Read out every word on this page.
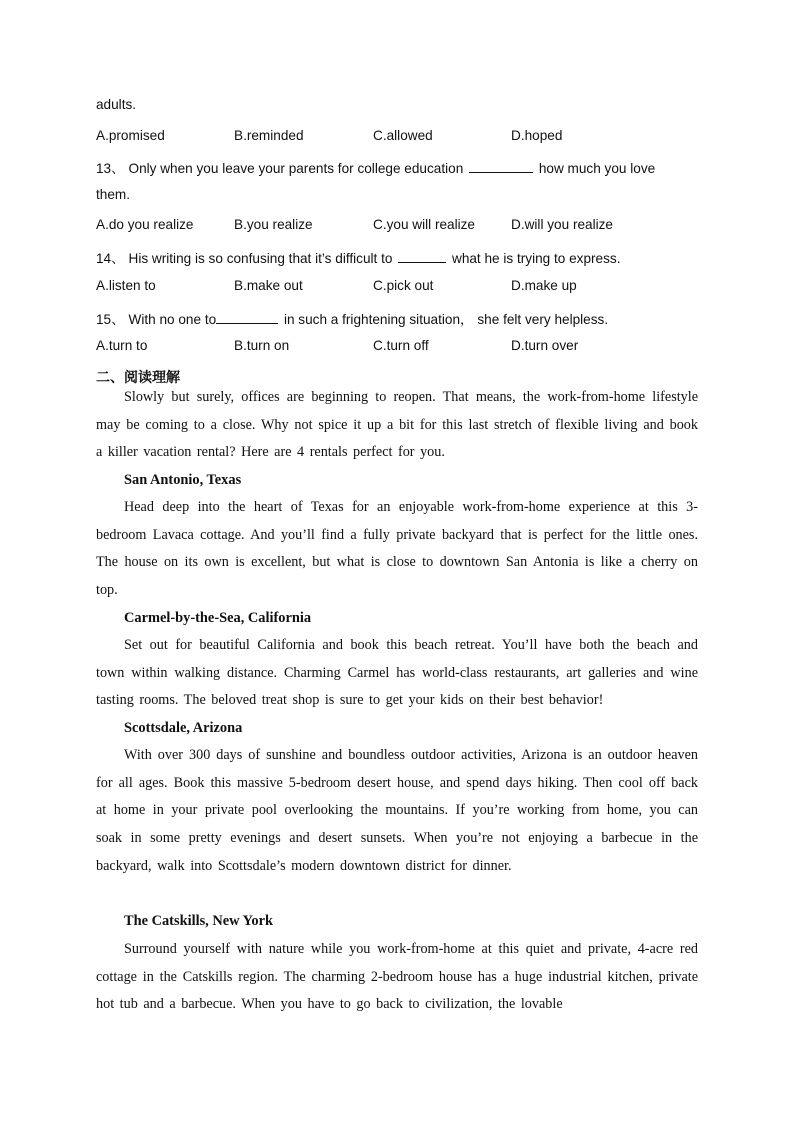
adults.
A.promised	B.reminded	C.allowed	D.hoped
13、 Only when you leave your parents for college education	how much you love
them.
A.do you realize	B.you realize	C.you will realize	D.will you realize
14、 His writing is so confusing that it’s difficult to	what he is trying to express.
A.listen to	B.make out	C.pick out	D.make up
15、 With no one to	in such a frightening situation， she felt very helpless.
A.turn to	B.turn on	C.turn off	D.turn over
二、阅读理解

Slowly but surely, offices are beginning to reopen. That means, the work-from-home lifestyle may be coming to a close. Why not spice it up a bit for this last stretch of flexible living and book a killer vacation rental? Here are 4 rentals perfect for you.

San Antonio, Texas

Head deep into the heart of Texas for an enjoyable work-from-home experience at this 3-bedroom Lavaca cottage. And you’ll find a fully private backyard that is perfect for the little ones. The house on its own is excellent, but what is close to downtown San Antonia is like a cherry on top.

Carmel-by-the-Sea, California

Set out for beautiful California and book this beach retreat. You’ll have both the beach and town within walking distance. Charming Carmel has world-class restaurants, art galleries and wine tasting rooms. The beloved treat shop is sure to get your kids on their best behavior!

Scottsdale, Arizona

With over 300 days of sunshine and boundless outdoor activities, Arizona is an outdoor heaven for all ages. Book this massive 5-bedroom desert house, and spend days hiking. Then cool off back at home in your private pool overlooking the mountains. If you’re working from home, you can soak in some pretty evenings and desert sunsets. When you’re not enjoying a barbecue in the backyard, walk into Scottsdale’s modern downtown district for dinner.

The Catskills, New York

Surround yourself with nature while you work-from-home at this quiet and private, 4-acre red cottage in the Catskills region. The charming 2-bedroom house has a huge industrial kitchen, private hot tub and a barbecue. When you have to go back to civilization, the lovable
